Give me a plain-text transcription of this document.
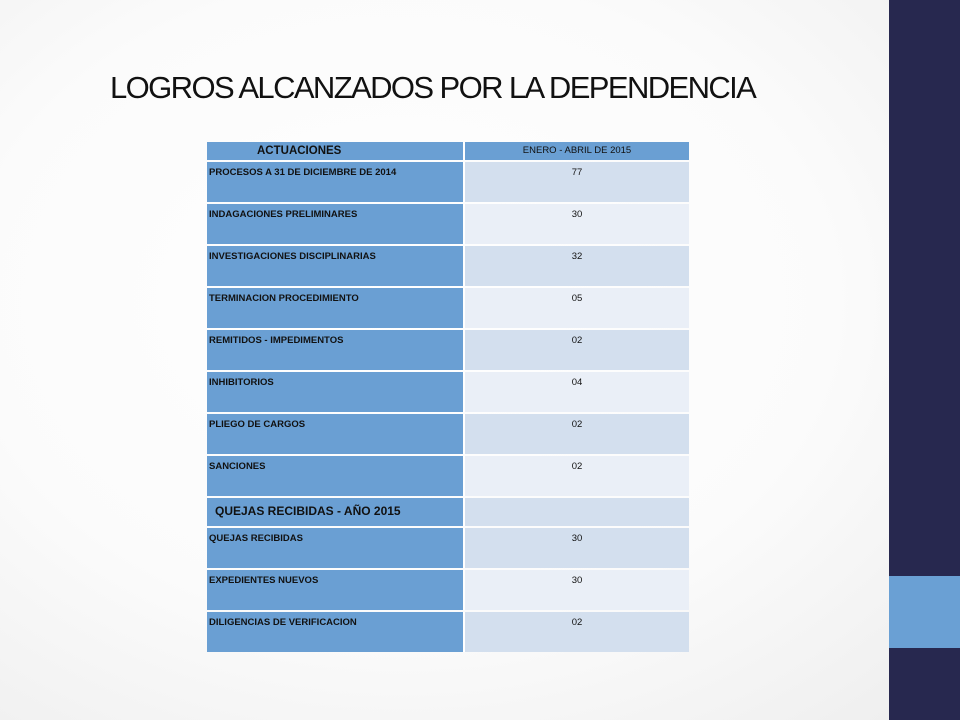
LOGROS ALCANZADOS POR LA DEPENDENCIA
ACTUACIONES	ENERO - ABRIL DE 2015
PROCESOS A 31 DE DICIEMBRE DE 2014	77
INDAGACIONES PRELIMINARES	30
INVESTIGACIONES DISCIPLINARIAS	32
TERMINACION PROCEDIMIENTO	05
REMITIDOS - IMPEDIMENTOS	02
INHIBITORIOS	04
PLIEGO DE CARGOS	02
SANCIONES	02
QUEJAS RECIBIDAS - AÑO 2015	
QUEJAS RECIBIDAS	30
EXPEDIENTES NUEVOS	30
DILIGENCIAS DE VERIFICACION	02
